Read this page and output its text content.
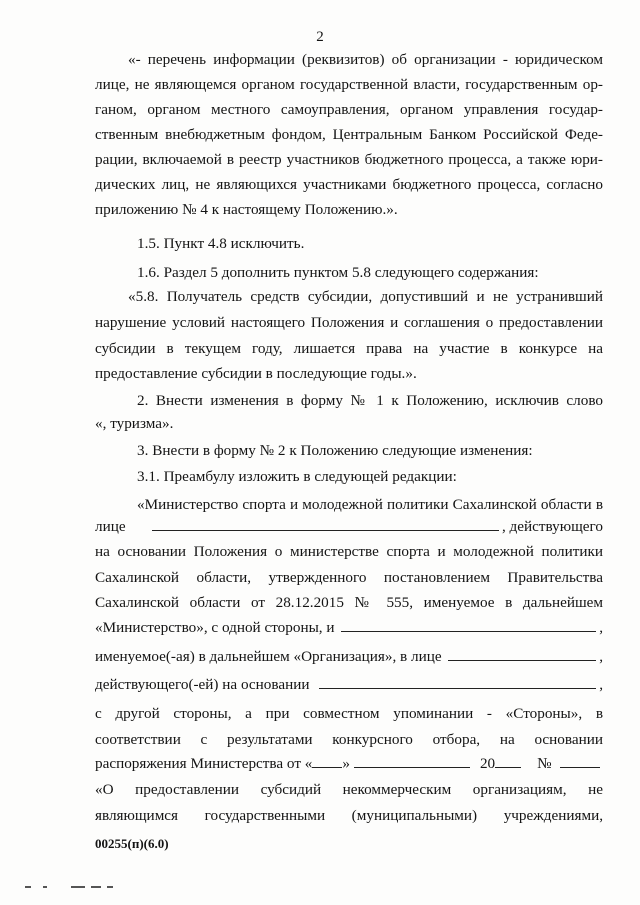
2
«- перечень информации (реквизитов) об организации - юридическом
лице, не являющемся органом государственной власти, государственным ор-
ганом, органом местного самоуправления, органом управления государ-
ственным внебюджетным фондом, Центральным Банком Российской Феде-
рации, включаемой в реестр участников бюджетного процесса, а также юри-
дических лиц, не являющихся участниками бюджетного процесса, согласно
приложению № 4 к настоящему Положению.».
1.5. Пункт 4.8 исключить.
1.6. Раздел 5 дополнить пунктом 5.8 следующего содержания:
«5.8. Получатель средств субсидии, допустивший и не устранивший
нарушение условий настоящего Положения и соглашения о предоставлении
субсидии в текущем году, лишается права на участие в конкурсе на
предоставление субсидии в последующие годы.».
2. Внести изменения в форму № 1 к Положению, исключив слово
«, туризма».
3. Внести в форму № 2 к Положению следующие изменения:
3.1. Преамбулу изложить в следующей редакции:
«Министерство спорта и молодежной политики Сахалинской области в
лице	, действующего
на основании Положения о министерстве спорта и молодежной политики
Сахалинской области, утвержденного постановлением Правительства
Сахалинской области от 28.12.2015 № 555, именуемое в дальнейшем
«Министерство», с одной стороны, и	,
именуемое(-ая) в дальнейшем «Организация», в лице	,
действующего(-ей) на основании	,
с другой стороны, а при совместном упоминании - «Стороны», в
соответствии с результатами конкурсного отбора, на основании
распоряжения Министерства от « »	20	№
«О предоставлении субсидий некоммерческим организациям, не
являющимся государственными (муниципальными) учреждениями,
00255(п)(6.0)
